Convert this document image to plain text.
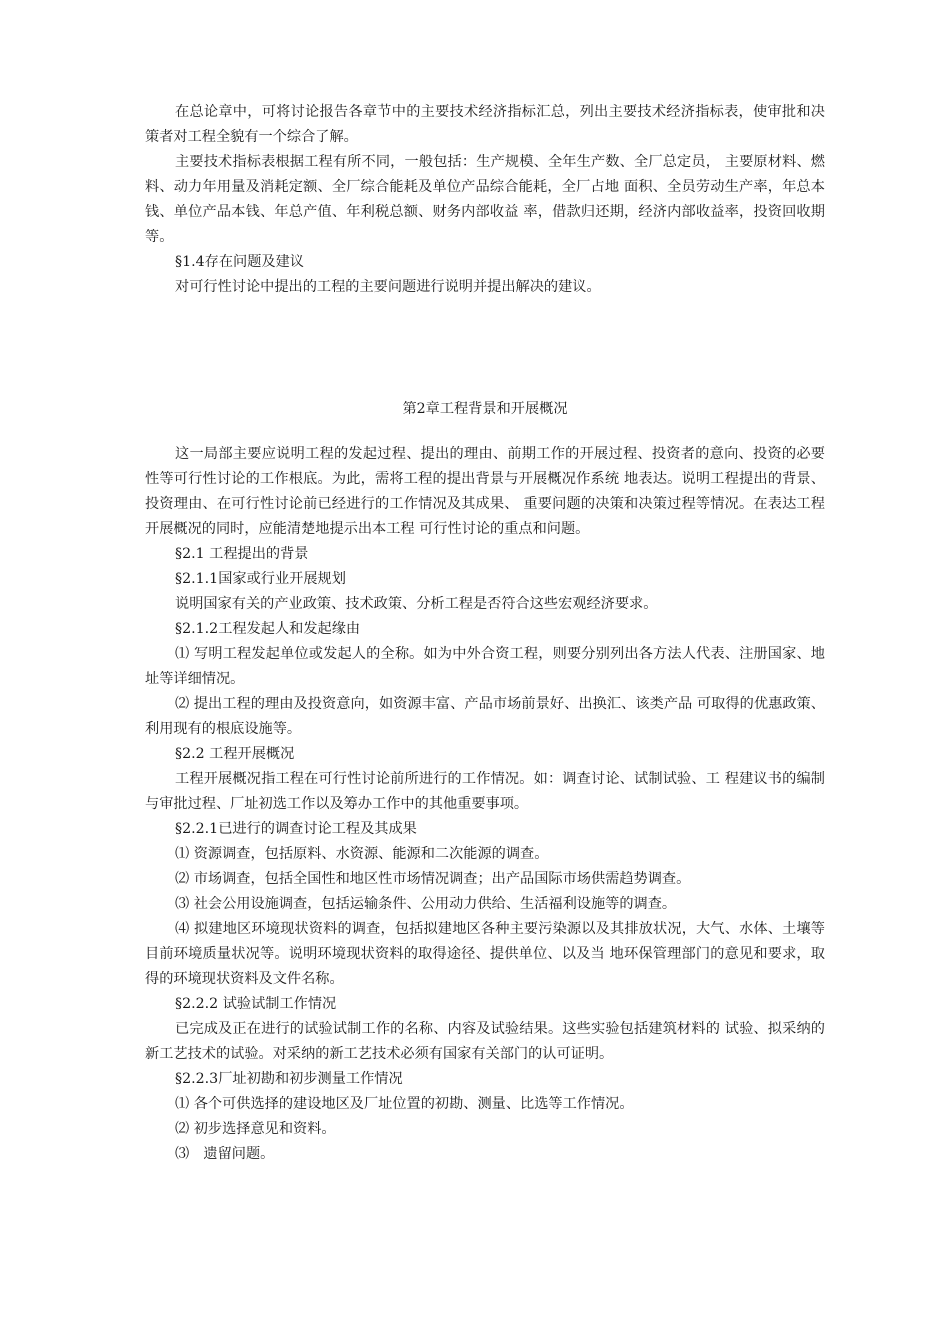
在总论章中，可将讨论报告各章节中的主要技术经济指标汇总，列出主要技术经济指标表，使审批和决策者对工程全貌有一个综合了解。

主要技术指标表根据工程有所不同，一般包括：生产规模、全年生产数、全厂总定员， 主要原材料、燃料、动力年用量及消耗定额、全厂综合能耗及单位产品综合能耗，全厂占地 面积、全员劳动生产率，年总本钱、单位产品本钱、年总产值、年利税总额、财务内部收益 率，借款归还期，经济内部收益率，投资回收期等。

§1.4存在问题及建议

对可行性讨论中提出的工程的主要问题进行说明并提出解决的建议。

第2章工程背景和开展概况

这一局部主要应说明工程的发起过程、提出的理由、前期工作的开展过程、投资者的意向、投资的必要性等可行性讨论的工作根底。为此，需将工程的提出背景与开展概况作系统 地表达。说明工程提出的背景、投资理由、在可行性讨论前已经进行的工作情况及其成果、 重要问题的决策和决策过程等情况。在表达工程开展概况的同时，应能清楚地提示出本工程 可行性讨论的重点和问题。

§2.1 工程提出的背景

§2.1.1国家或行业开展规划

说明国家有关的产业政策、技术政策、分析工程是否符合这些宏观经济要求。

§2.1.2工程发起人和发起缘由

⑴ 写明工程发起单位或发起人的全称。如为中外合资工程，则要分别列出各方法人代表、注册国家、地址等详细情况。

⑵ 提出工程的理由及投资意向，如资源丰富、产品市场前景好、出换汇、该类产品 可取得的优惠政策、利用现有的根底设施等。

§2.2 工程开展概况

工程开展概况指工程在可行性讨论前所进行的工作情况。如：调查讨论、试制试验、工 程建议书的编制与审批过程、厂址初选工作以及筹办工作中的其他重要事项。

§2.2.1已进行的调查讨论工程及其成果

⑴ 资源调查，包括原料、水资源、能源和二次能源的调查。

⑵ 市场调查，包括全国性和地区性市场情况调查；出产品国际市场供需趋势调查。

⑶ 社会公用设施调查，包括运输条件、公用动力供给、生活福利设施等的调查。

⑷ 拟建地区环境现状资料的调查，包括拟建地区各种主要污染源以及其排放状况，大气、水体、土壤等目前环境质量状况等。说明环境现状资料的取得途径、提供单位、以及当 地环保管理部门的意见和要求，取得的环境现状资料及文件名称。

§2.2.2 试验试制工作情况

已完成及正在进行的试验试制工作的名称、内容及试验结果。这些实验包括建筑材料的 试验、拟采纳的新工艺技术的试验。对采纳的新工艺技术必须有国家有关部门的认可证明。

§2.2.3厂址初勘和初步测量工作情况

⑴ 各个可供选择的建设地区及厂址位置的初勘、测量、比选等工作情况。

⑵ 初步选择意见和资料。

⑶　遗留问题。
